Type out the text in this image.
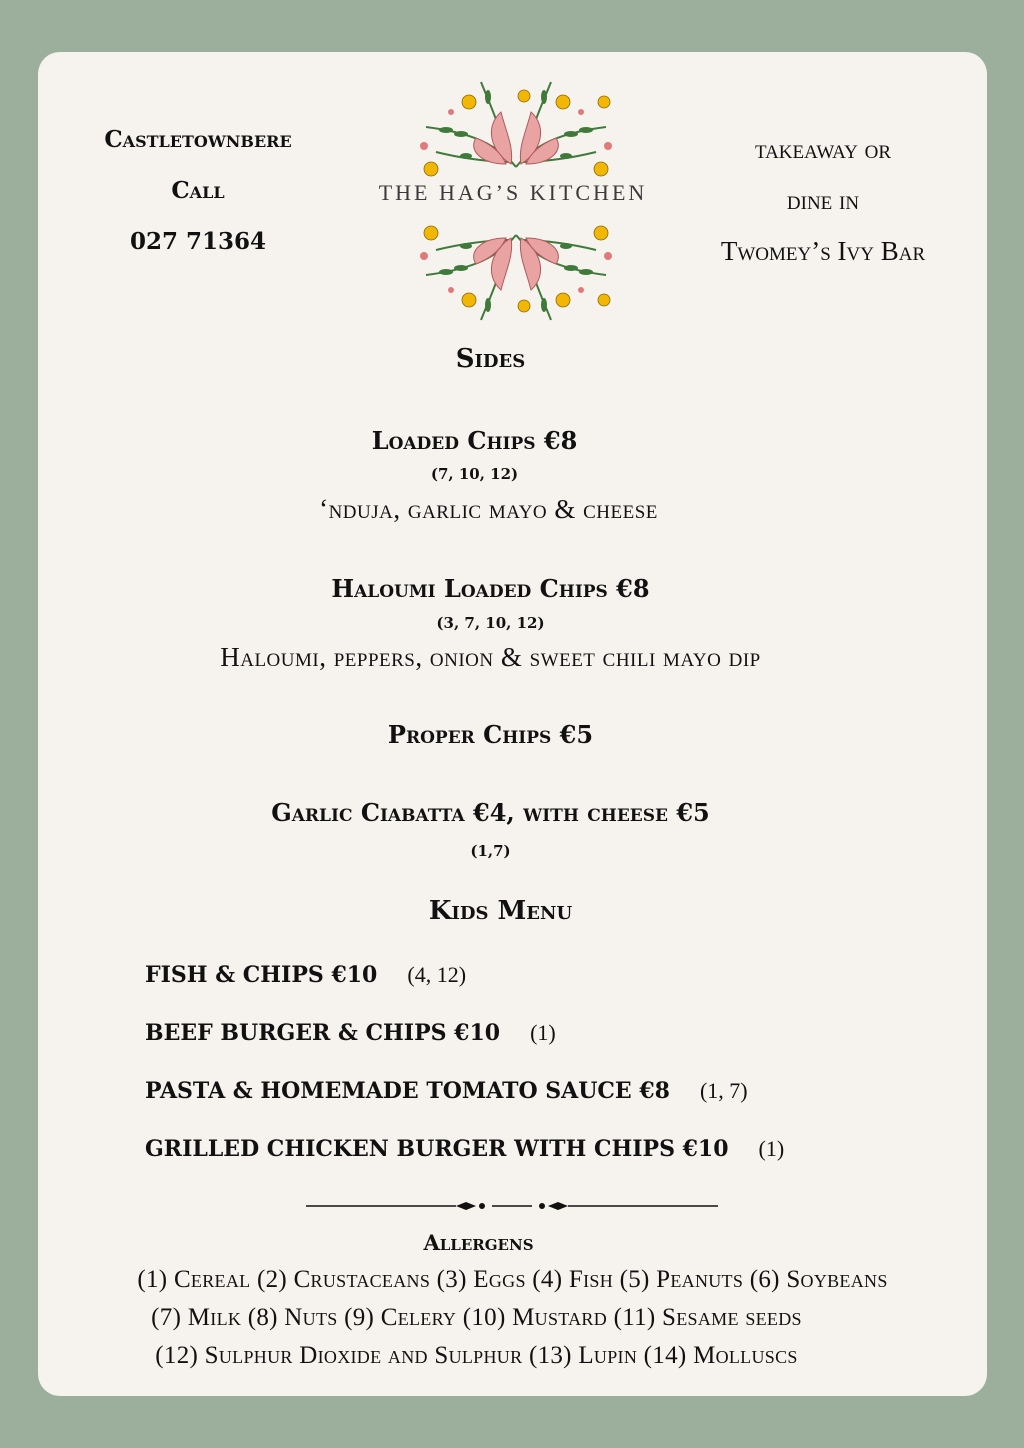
Castletownbere
Call
027 71364
THE HAG’S KITCHEN
takeaway or
dine in
Twomey’s Ivy Bar
Sides
Loaded Chips €8
(7, 10, 12)
‘nduja, garlic mayo & cheese
Haloumi Loaded Chips €8
(3, 7, 10, 12)
Haloumi, peppers, onion & sweet chili mayo dip
Proper Chips €5
Garlic Ciabatta €4, with cheese €5
(1,7)
Kids Menu
FISH & CHIPS €10 (4, 12)
BEEF BURGER & CHIPS €10 (1)
PASTA & HOMEMADE TOMATO SAUCE €8 (1, 7)
GRILLED CHICKEN BURGER WITH CHIPS €10 (1)
Allergens
(1) Cereal (2) Crustaceans (3) Eggs (4) Fish (5) Peanuts (6) Soybeans
(7) Milk (8) Nuts (9) Celery (10) Mustard (11) Sesame seeds
(12) Sulphur Dioxide and Sulphur (13) Lupin (14) Molluscs
